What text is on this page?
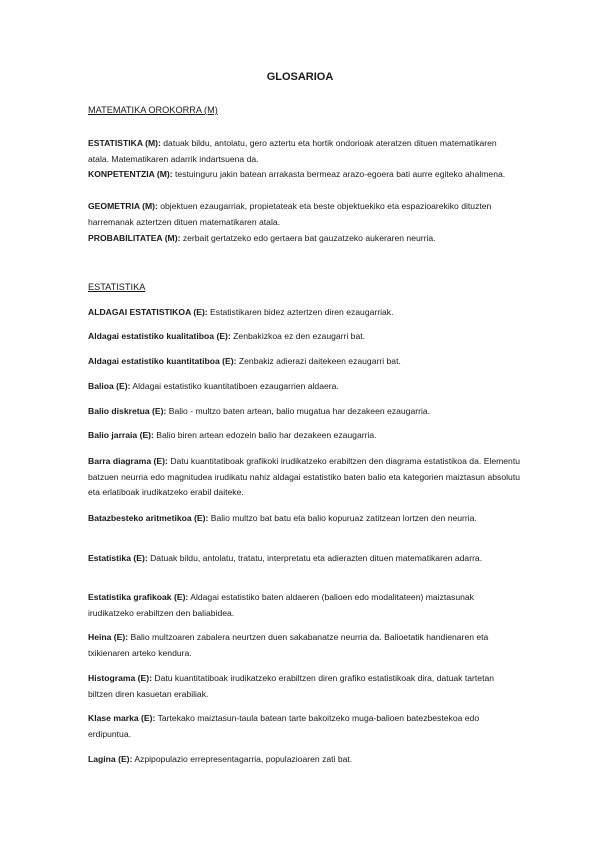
GLOSARIOA
MATEMATIKA OROKORRA (M)
ESTATISTIKA (M): datuak bildu, antolatu, gero aztertu eta hortik ondorioak ateratzen dituen matematikaren atala. Matematikaren adarrik indartsuena da.
KONPETENTZIA (M): testuinguru jakin batean arrakasta bermeaz arazo-egoera bati aurre egiteko ahalmena.
GEOMETRIA (M): objektuen ezaugarriak, propietateak eta beste objektuekiko eta espazioarekiko dituzten harremanak aztertzen dituen matematikaren atala.
PROBABILITATEA (M): zerbait gertatzeko edo gertaera bat gauzatzeko aukeraren neurria.
ESTATISTIKA
ALDAGAI ESTATISTIKOA (E): Estatistikaren bidez aztertzen diren ezaugarriak.
Aldagai estatistiko kualitatiboa (E): Zenbakizkoa ez den ezaugarri bat.
Aldagai estatistiko kuantitatiboa (E): Zenbakiz adierazi daitekeen ezaugarri bat.
Balioa (E): Aldagai estatistiko kuantitatiboen ezaugarrien aldaera.
Balio diskretua (E): Balio - multzo baten artean, balio mugatua har dezakeen ezaugarria.
Balio jarraia (E): Balio biren artean edozein balio har dezakeen ezaugarria.
Barra diagrama (E): Datu kuantitatiboak grafikoki irudikatzeko erabiltzen den diagrama estatistikoa da. Elementu batzuen neurria edo magnitudea irudikatu nahiz aldagai estatistiko baten balio eta kategorien maiztasun absolutu eta erlatiboak irudikatzeko erabil daiteke.
Batazbesteko aritmetikoa (E): Balio multzo bat batu eta balio kopuruaz zatitzean lortzen den neurria.
Estatistika (E): Datuak bildu, antolatu, tratatu, interpretatu eta adierazten dituen matematikaren adarra.
Estatistika grafikoak (E): Aldagai estatistiko baten aldaeren (balioen edo modalitateen) maiztasunak irudikatzeko erabiltzen den baliabidea.
Heina (E): Balio multzoaren zabalera neurtzen duen sakabanatze neurria da. Balioetatik handienaren eta txikienaren arteko kendura.
Histograma (E): Datu kuantitatiboak irudikatzeko erabiltzen diren grafiko estatistikoak dira, datuak tartetan biltzen diren kasuetan erabiliak.
Klase marka (E): Tartekako maiztasun-taula batean tarte bakoitzeko muga-balioen batezbestekoa edo erdipuntua.
Lagina (E): Azpipopulazio errepresentagarria, populazioaren zati bat.
